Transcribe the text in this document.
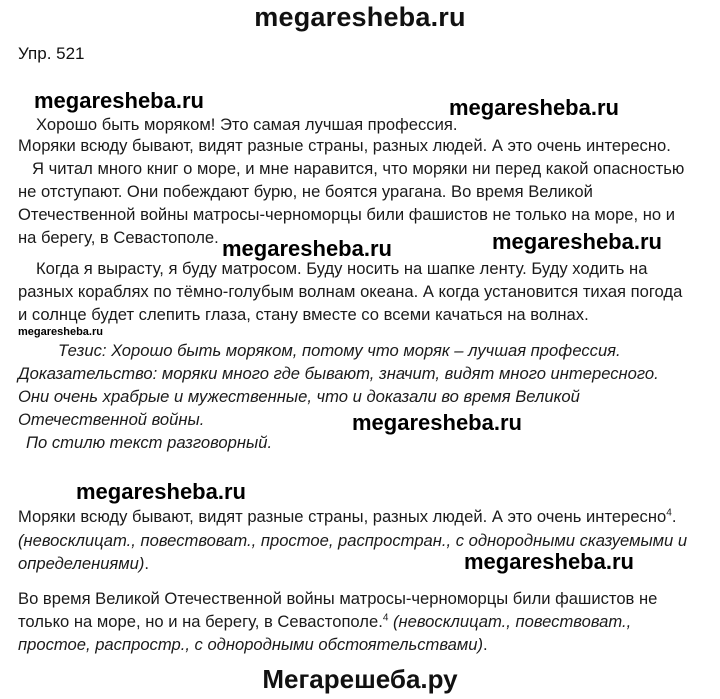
megaresheba.ru
Упр. 521
megaresheba.ru	megaresheba.ru
megaresheba.ru	megaresheba.ru
megaresheba.ru
megaresheba.ru
megaresheba.ru
megaresheba.ru
Хорошо быть моряком! Это самая лучшая профессия.
Моряки всюду бывают, видят разные страны, разных людей. А это очень интересно.
Я читал много книг о море, и мне наравится, что моряки ни перед какой опасностью
не отступают. Они побеждают бурю, не боятся урагана. Во время Великой
Отечественной войны матросы-черноморцы били фашистов не только на море, но и
на берегу, в Севастополе.
Когда я вырасту, я буду матросом. Буду носить на шапке ленту. Буду ходить на
разных кораблях по тёмно-голубым волнам океана. А когда установится тихая погода
и солнце будет слепить глаза, стану вместе со всеми качаться на волнах.
Тезис: Хорошо быть моряком, потому что моряк – лучшая профессия.
Доказательство: моряки много где бывают, значит, видят много интересного.
Они очень храбрые и мужественные, что и доказали во время Великой
Отечественной войны.
По стилю текст разговорный.
Моряки всюду бывают, видят разные страны, разных людей. А это очень интересно$^4$.
(невосклицат., повествоват., простое, распростран., с однородными сказуемыми и
определениями).
Во время Великой Отечественной войны матросы-черноморцы били фашистов не
только на море, но и на берегу, в Севастополе.$^4$ (невосклицат., повествоват.,
простое, распростр., с однородными обстоятельствами).
Мегарешеба.ру
